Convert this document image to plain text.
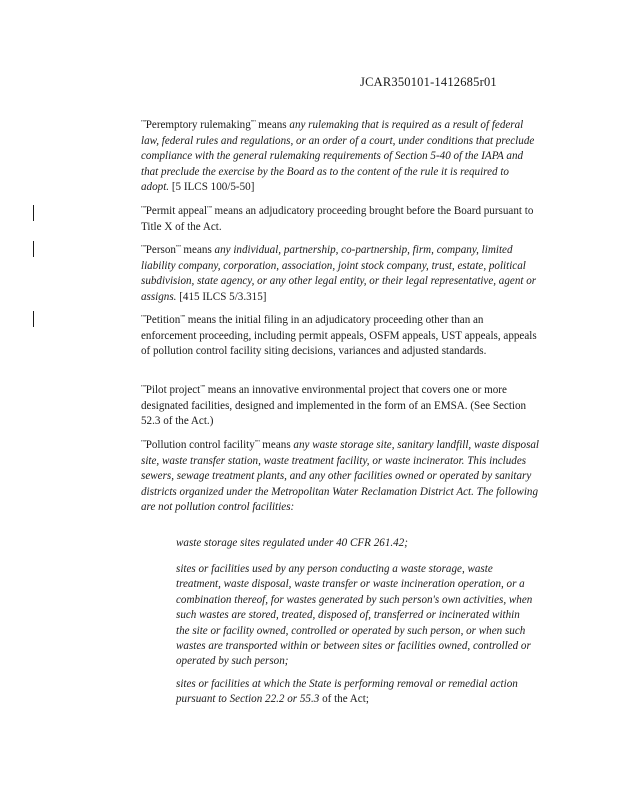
JCAR350101-1412685r01

""Peremptory rulemaking"" means any rulemaking that is required as a result of federal law, federal rules and regulations, or an order of a court, under conditions that preclude compliance with the general rulemaking requirements of Section 5-40 of the IAPA and that preclude the exercise by the Board as to the content of the rule it is required to adopt. [5 ILCS 100/5-50]

""Permit appeal"" means an adjudicatory proceeding brought before the Board pursuant to Title X of the Act.

""Person"" means any individual, partnership, co-partnership, firm, company, limited liability company, corporation, association, joint stock company, trust, estate, political subdivision, state agency, or any other legal entity, or their legal representative, agent or assigns. [415 ILCS 5/3.315]

""Petition"" means the initial filing in an adjudicatory proceeding other than an enforcement proceeding, including permit appeals, OSFM appeals, UST appeals, appeals of pollution control facility siting decisions, variances and adjusted standards.

""Pilot project"" means an innovative environmental project that covers one or more designated facilities, designed and implemented in the form of an EMSA. (See Section 52.3 of the Act.)

""Pollution control facility"" means any waste storage site, sanitary landfill, waste disposal site, waste transfer station, waste treatment facility, or waste incinerator. This includes sewers, sewage treatment plants, and any other facilities owned or operated by sanitary districts organized under the Metropolitan Water Reclamation District Act. The following are not pollution control facilities:

waste storage sites regulated under 40 CFR 261.42;

sites or facilities used by any person conducting a waste storage, waste treatment, waste disposal, waste transfer or waste incineration operation, or a combination thereof, for wastes generated by such person's own activities, when such wastes are stored, treated, disposed of, transferred or incinerated within the site or facility owned, controlled or operated by such person, or when such wastes are transported within or between sites or facilities owned, controlled or operated by such person;

sites or facilities at which the State is performing removal or remedial action pursuant to Section 22.2 or 55.3 of the Act;
